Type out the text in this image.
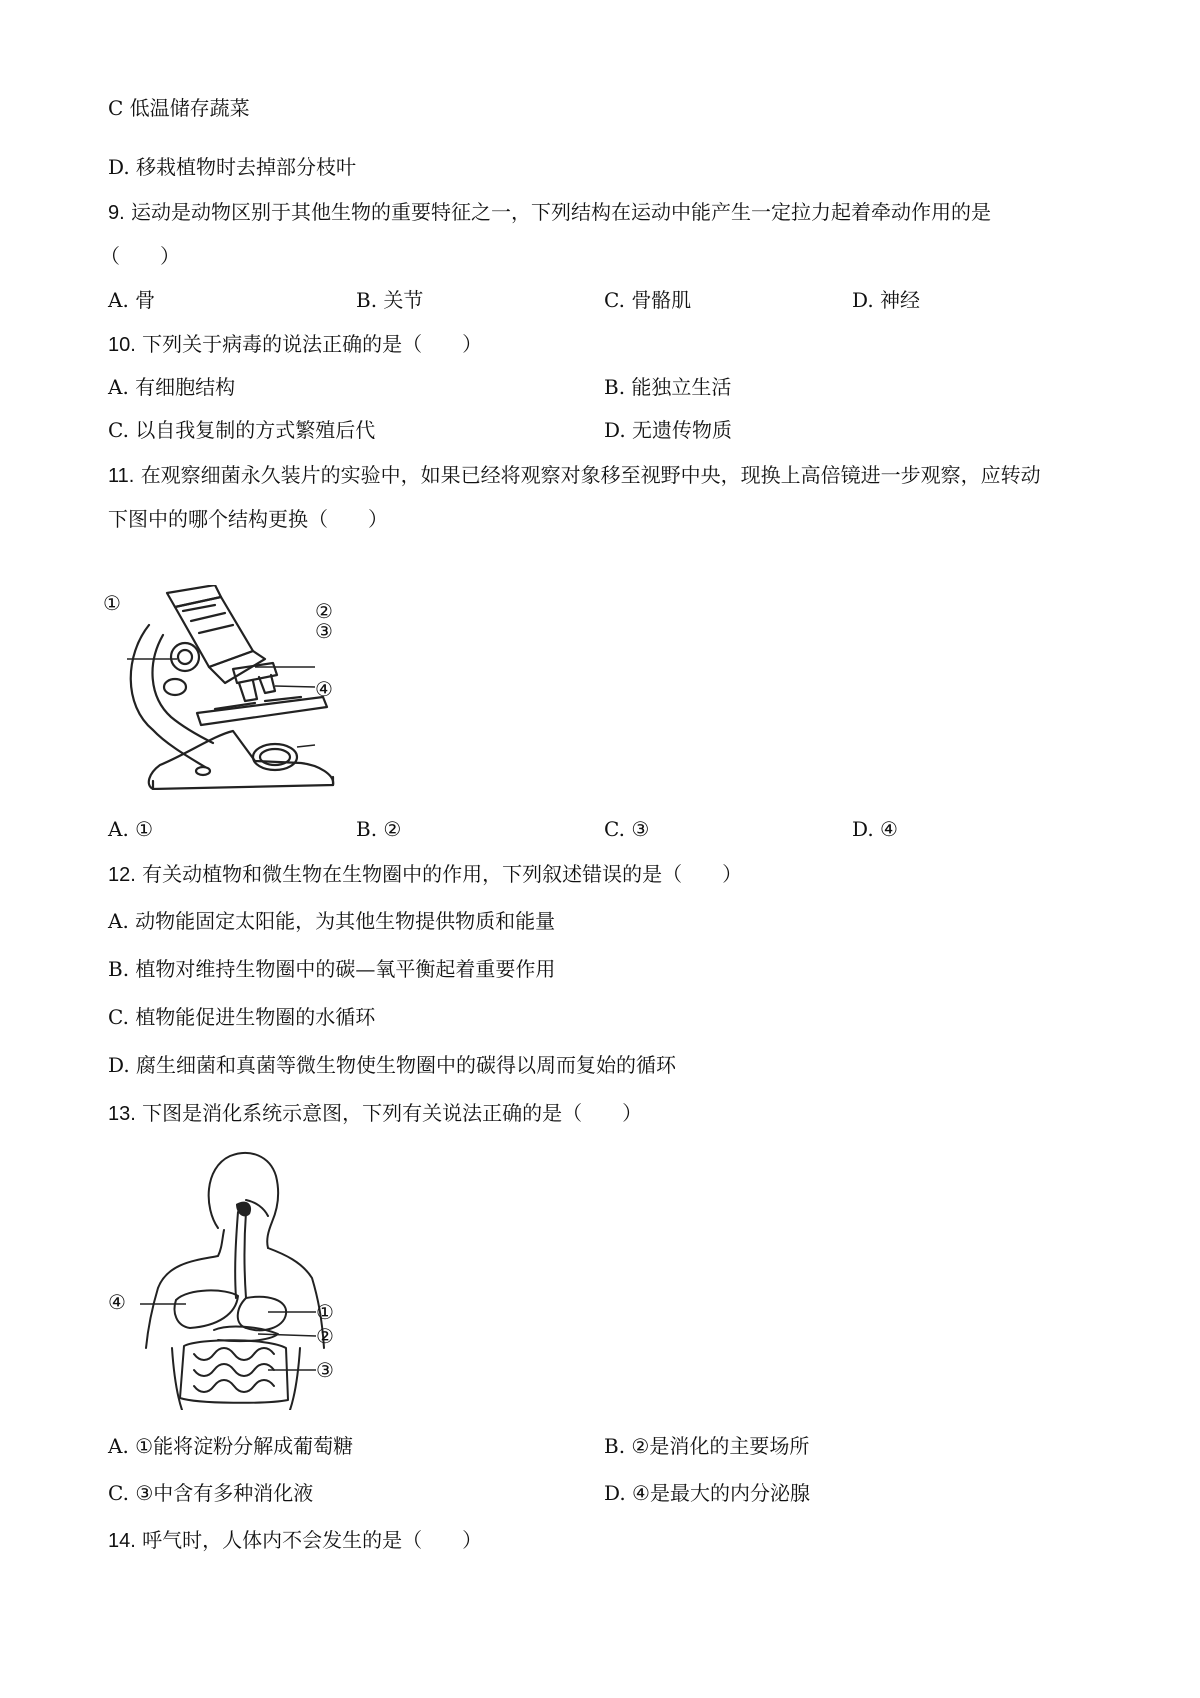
C 低温储存蔬菜
D. 移栽植物时去掉部分枝叶
9. 运动是动物区别于其他生物的重要特征之一，下列结构在运动中能产生一定拉力起着牵动作用的是
（　　）
A. 骨	B. 关节	C. 骨骼肌	D. 神经
10. 下列关于病毒的说法正确的是（　　）
A. 有细胞结构	B. 能独立生活
C. 以自我复制的方式繁殖后代	D. 无遗传物质
11. 在观察细菌永久装片的实验中，如果已经将观察对象移至视野中央，现换上高倍镜进一步观察，应转动
下图中的哪个结构更换（　　）
①	②
③
④
A. ①	B. ②	C. ③	D. ④
12. 有关动植物和微生物在生物圈中的作用，下列叙述错误的是（　　）
A. 动物能固定太阳能，为其他生物提供物质和能量
B. 植物对维持生物圈中的碳—氧平衡起着重要作用
C. 植物能促进生物圈的水循环
D. 腐生细菌和真菌等微生物使生物圈中的碳得以周而复始的循环
13. 下图是消化系统示意图，下列有关说法正确的是（　　）
④	①
②
③
A. ①能将淀粉分解成葡萄糖	B. ②是消化的主要场所
C. ③中含有多种消化液	D. ④是最大的内分泌腺
14. 呼气时，人体内不会发生的是（　　）
